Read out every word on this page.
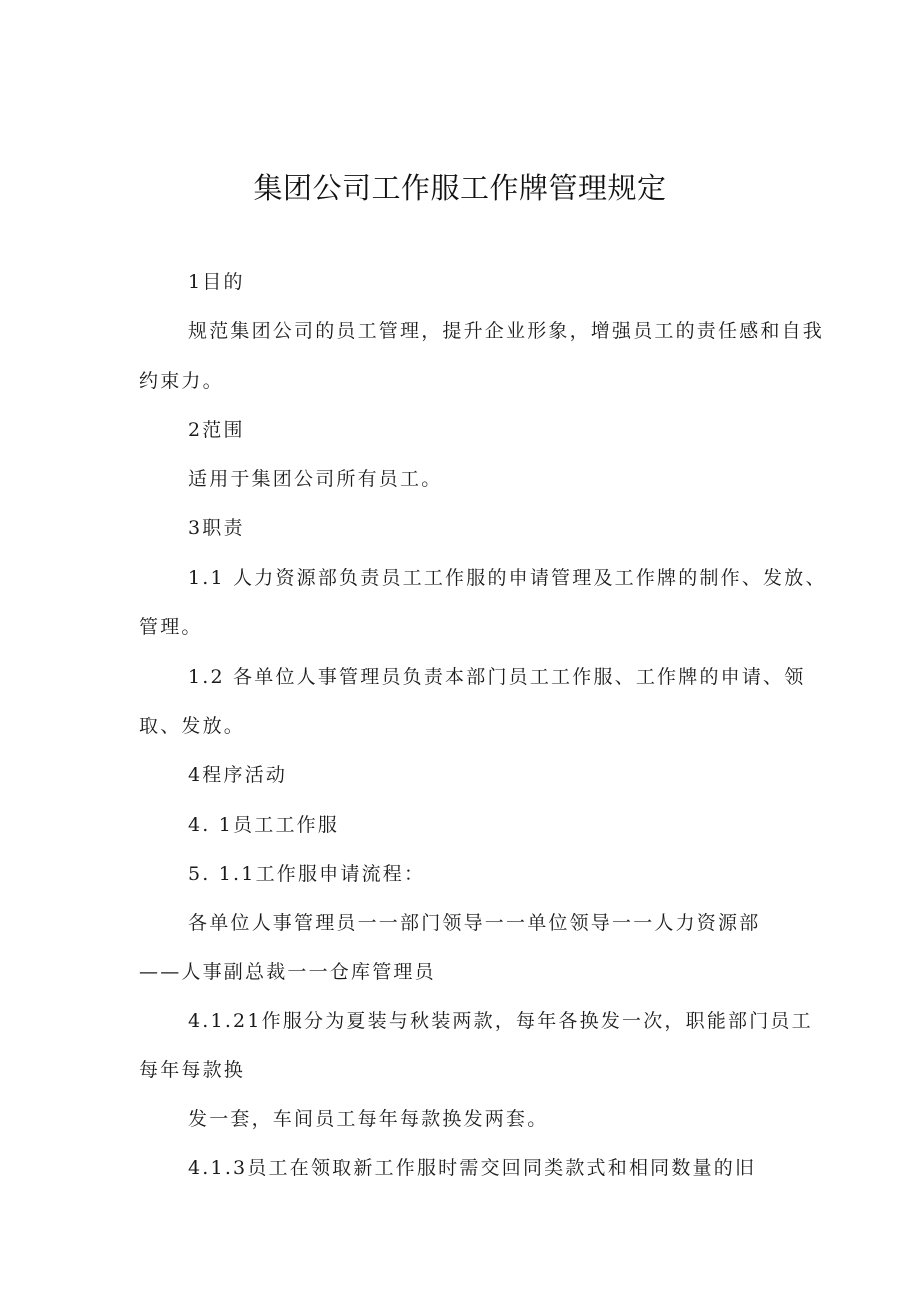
集团公司工作服工作牌管理规定
1目的
规范集团公司的员工管理，提升企业形象，增强员工的责任感和自我
约束力。
2范围
适用于集团公司所有员工。
3职责
1.1 人力资源部负责员工工作服的申请管理及工作牌的制作、发放、
管理。
1.2 各单位人事管理员负责本部门员工工作服、工作牌的申请、领
取、发放。
4程序活动
4. 1员工工作服
5. 1.1工作服申请流程：
各单位人事管理员一一部门领导一一单位领导一一人力资源部
——人事副总裁一一仓库管理员
4.1.21作服分为夏装与秋装两款，每年各换发一次，职能部门员工
每年每款换
发一套，车间员工每年每款换发两套。
4.1.3员工在领取新工作服时需交回同类款式和相同数量的旧
